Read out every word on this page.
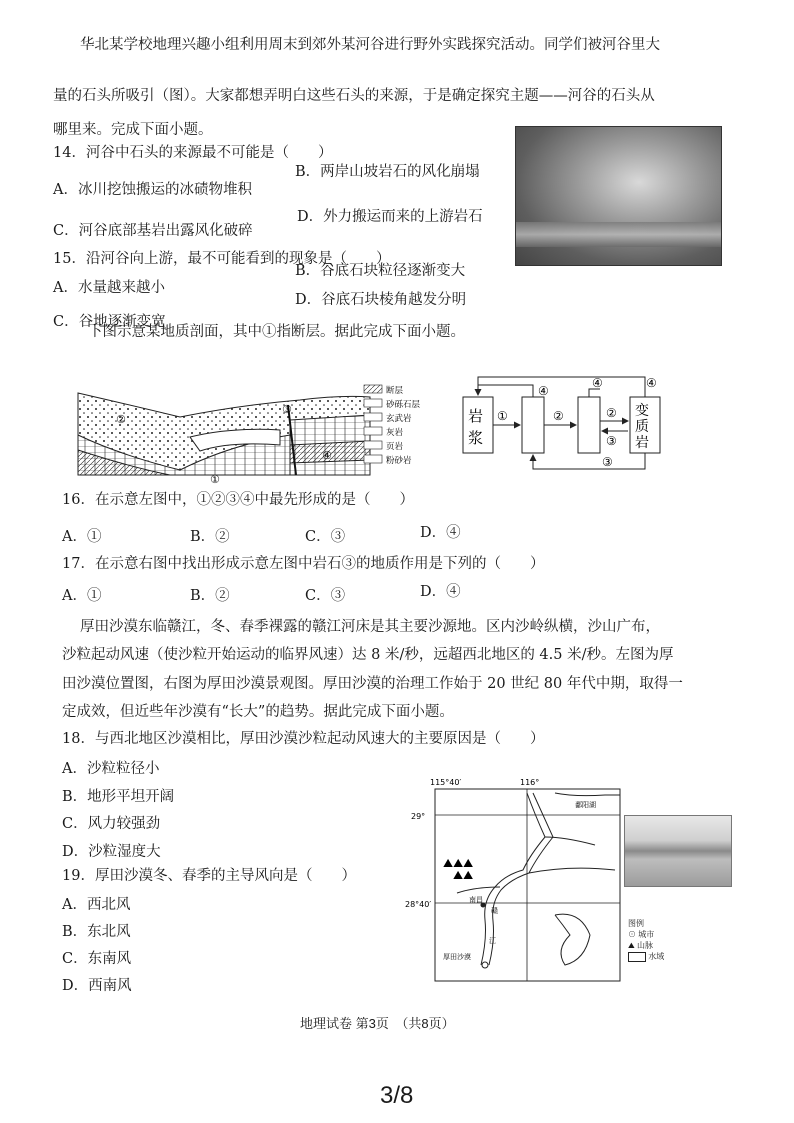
华北某学校地理兴趣小组利用周末到郊外某河谷进行野外实践探究活动。同学们被河谷里大
量的石头所吸引（图）。大家都想弄明白这些石头的来源，于是确定探究主题——河谷的石头从
哪里来。完成下面小题。
14．河谷中石头的来源最不可能是（　　）
B．两岸山坡岩石的风化崩塌
A．冰川挖蚀搬运的冰碛物堆积
D．外力搬运而来的上游岩石
C．河谷底部基岩出露风化破碎
15．沿河谷向上游，最不可能看到的现象是（　　）
B．谷底石块粒径逐渐变大
A．水量越来越小
D．谷底石块棱角越发分明
C．谷地逐渐变宽
下图示意某地质剖面，其中①指断层。据此完成下面小题。
②
③
④
①
断层
砂砾石层
玄武岩
灰岩
页岩
粉砂岩
岩
浆
变
质
岩
①	②	②
③
④
④	④
③
16．在示意左图中，①②③④中最先形成的是（　　）
A．①	B．②	C．③	D．④
17．在示意右图中找出形成示意左图中岩石③的地质作用是下列的（　　）
A．①	B．②	C．③	D．④
厚田沙漠东临赣江，冬、春季裸露的赣江河床是其主要沙源地。区内沙岭纵横，沙山广布，
沙粒起动风速（使沙粒开始运动的临界风速）达 8 米/秒，远超西北地区的 4.5 米/秒。左图为厚
田沙漠位置图，右图为厚田沙漠景观图。厚田沙漠的治理工作始于 20 世纪 80 年代中期，取得一
定成效，但近些年沙漠有“长大”的趋势。据此完成下面小题。
18．与西北地区沙漠相比，厚田沙漠沙粒起动风速大的主要原因是（　　）
A．沙粒粒径小
B．地形平坦开阔
C．风力较强劲
D．沙粒湿度大
19．厚田沙漠冬、春季的主导风向是（　　）
A．西北风
B．东北风
C．东南风
D．西南风
115°40′	116°
29°
28°40′
鄱阳湖
⛰⛰⛰
⛰⛰
南昌
赣
江
厚田沙漠
图例
⊙ 城市
⛰ 山脉
水域
地理试卷 第3页　（共8页）
3/8
